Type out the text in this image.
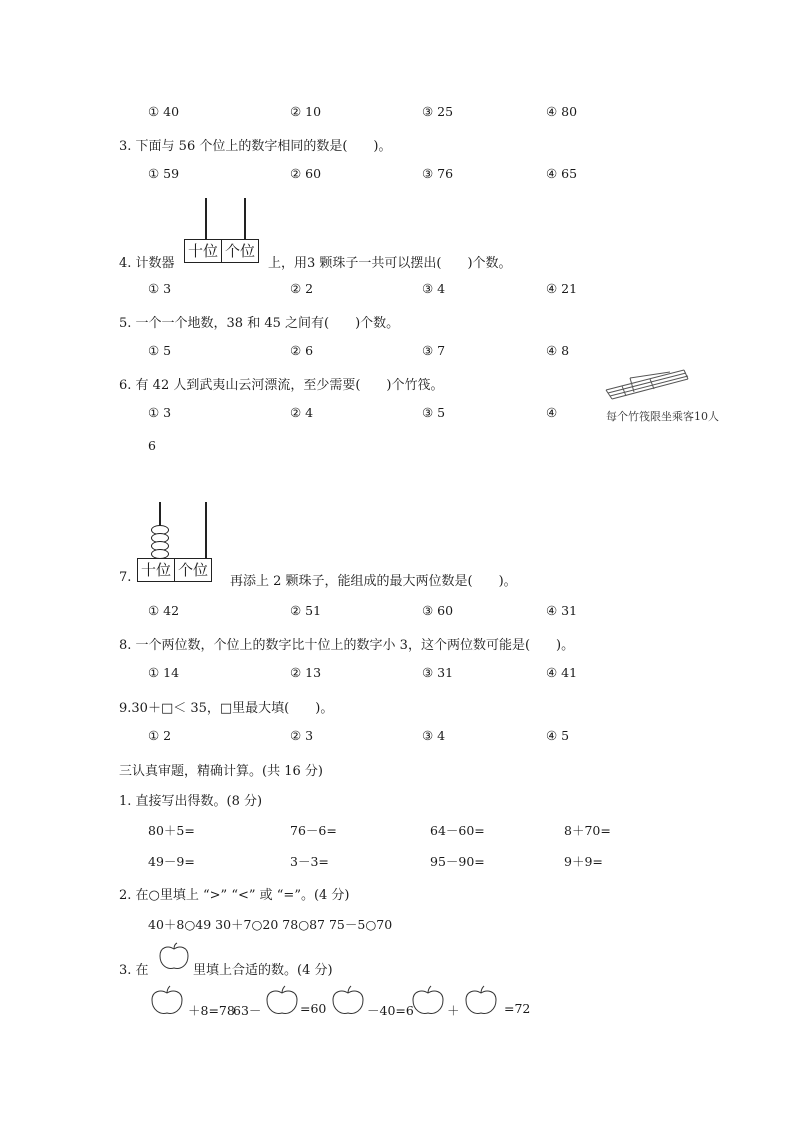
① 40	② 10	③ 25	④ 80
3. 下面与 56 个位上的数字相同的数是(　　)。
① 59	② 60	③ 76	④ 65
十位 个位
4. 计数器	上，用3 颗珠子一共可以摆出(　　)个数。
① 3	② 2	③ 4	④ 21
5. 一个一个地数，38 和 45 之间有(　　)个数。
① 5	② 6	③ 7	④ 8
6. 有 42 人到武夷山云河漂流，至少需要(　　)个竹筏。
① 3	② 4	③ 5	④
6
每个竹筏限坐乘客10人
十位 个位
7.	再添上 2 颗珠子，能组成的最大两位数是(　　)。
① 42	② 51	③ 60	④ 31
8. 一个两位数，个位上的数字比十位上的数字小 3，这个两位数可能是(　　)。
① 14	② 13	③ 31	④ 41
9.30＋□＜ 35，□里最大填(　　)。
① 2	② 3	③ 4	④ 5
三认真审题，精确计算。(共 16 分)
1. 直接写出得数。(8 分)
80＋5=	76－6=	64－60=	8＋70=
49－9=	3－3=	95－90=	9＋9=
2. 在○里填上 “>” “<” 或 “=”。(4 分)
40＋8○49 30＋7○20 78○87 75－5○70
3. 在	里填上合适的数。(4 分)
＋8=78
63－	=60	－40=6	＋	=72
